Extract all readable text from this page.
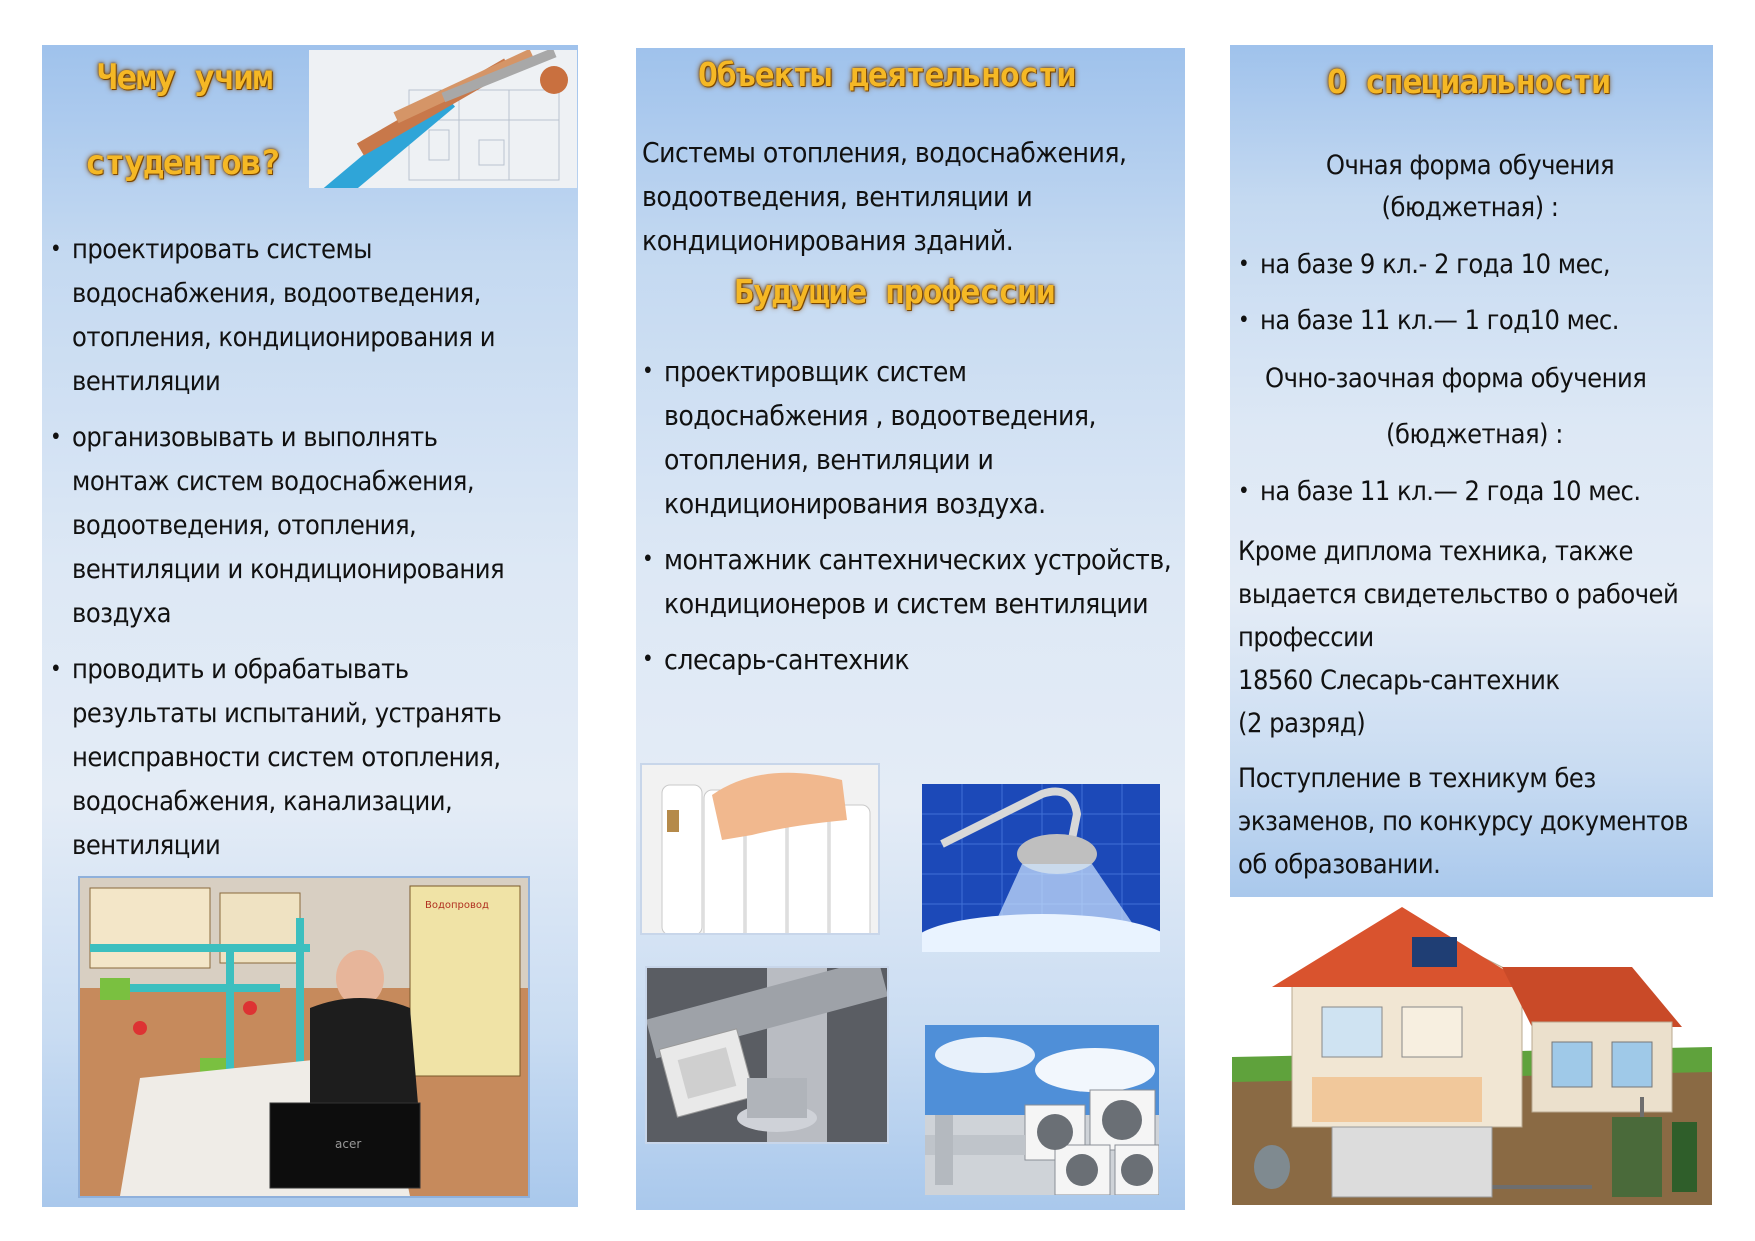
Чему учим
студентов?
• проектировать системы водоснабжения, водоотведения, отопления, кондиционирования и вентиляции
• организовывать и выполнять монтаж систем водоснабжения, водоотведения, отопления, вентиляции и кондиционирования воздуха
• проводить и обрабатывать результаты испытаний, устранять неисправности систем отопления, водоснабжения, канализации, вентиляции
acer
Водопровод
Объекты деятельности
Системы отопления, водоснабжения, водоотведения, вентиляции и кондиционирования зданий.
Будущие профессии
• проектировщик систем водоснабжения , водоотведения, отопления, вентиляции и кондиционирования воздуха.
• монтажник сантехнических устройств, кондиционеров и систем вентиляции
• слесарь-сантехник
О специальности
Очная форма обучения (бюджетная) :
• на базе 9 кл.- 2 года 10 мес,
• на базе 11 кл.— 1 год10 мес.
Очно-заочная форма обучения
(бюджетная) :
• на базе 11 кл.— 2 года 10 мес.
Кроме диплома техника, также выдается свидетельство о рабочей профессии
18560 Слесарь-сантехник
(2 разряд)
Поступление в техникум без экзаменов, по конкурсу документов об образовании.
